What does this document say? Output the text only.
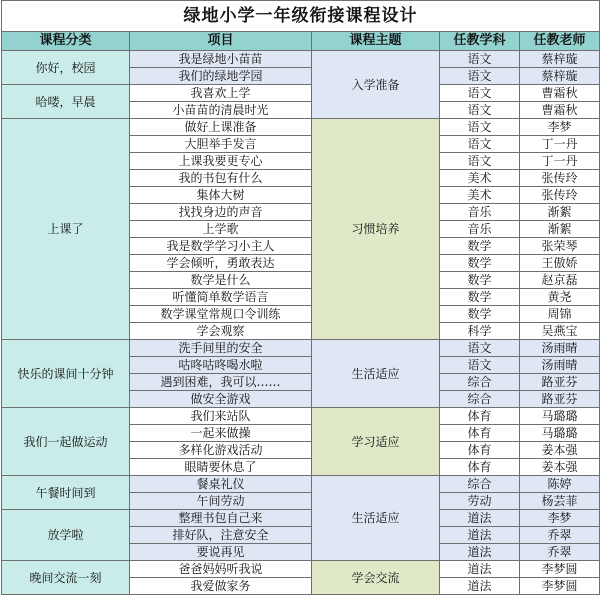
绿地小学一年级衔接课程设计				
课程分类	项目	课程主题	任教学科	任教老师
你好，校园	我是绿地小苗苗	入学准备	语文	蔡梓璇
	我们的绿地学园		语文	蔡梓璇
哈喽，早晨	我喜欢上学		语文	曹霜秋
	小苗苗的清晨时光		语文	曹霜秋
上课了	做好上课准备	习惯培养	语文	李梦
	大胆举手发言		语文	丁一丹
	上课我要更专心		语文	丁一丹
	我的书包有什么		美术	张传玲
	集体大树		美术	张传玲
	找找身边的声音		音乐	渐絮
	上学歌		音乐	渐絮
	我是数学学习小主人		数学	张荣琴
	学会倾听，勇敢表达		数学	王傲娇
	数学是什么		数学	赵京磊
	听懂简单数学语言		数学	黄尧
	数学课堂常规口令训练		数学	周锦
	学会观察		科学	吴燕宝
快乐的课间十分钟	洗手间里的安全	生活适应	语文	汤雨晴
	咕咚咕咚喝水啦		语文	汤雨晴
	遇到困难，我可以……		综合	路亚芬
	做安全游戏		综合	路亚芬
我们一起做运动	我们来站队	学习适应	体育	马璐璐
	一起来做操		体育	马璐璐
	多样化游戏活动		体育	姜本强
	眼睛要休息了		体育	姜本强
午餐时间到	餐桌礼仪	生活适应	综合	陈婷
	午间劳动		劳动	杨芸菲
放学啦	整理书包自己来		道法	李梦
	排好队，注意安全		道法	乔翠
	要说再见		道法	乔翠
晚间交流一刻	爸爸妈妈听我说	学会交流	道法	李梦圆
	我爱做家务		道法	李梦圆
